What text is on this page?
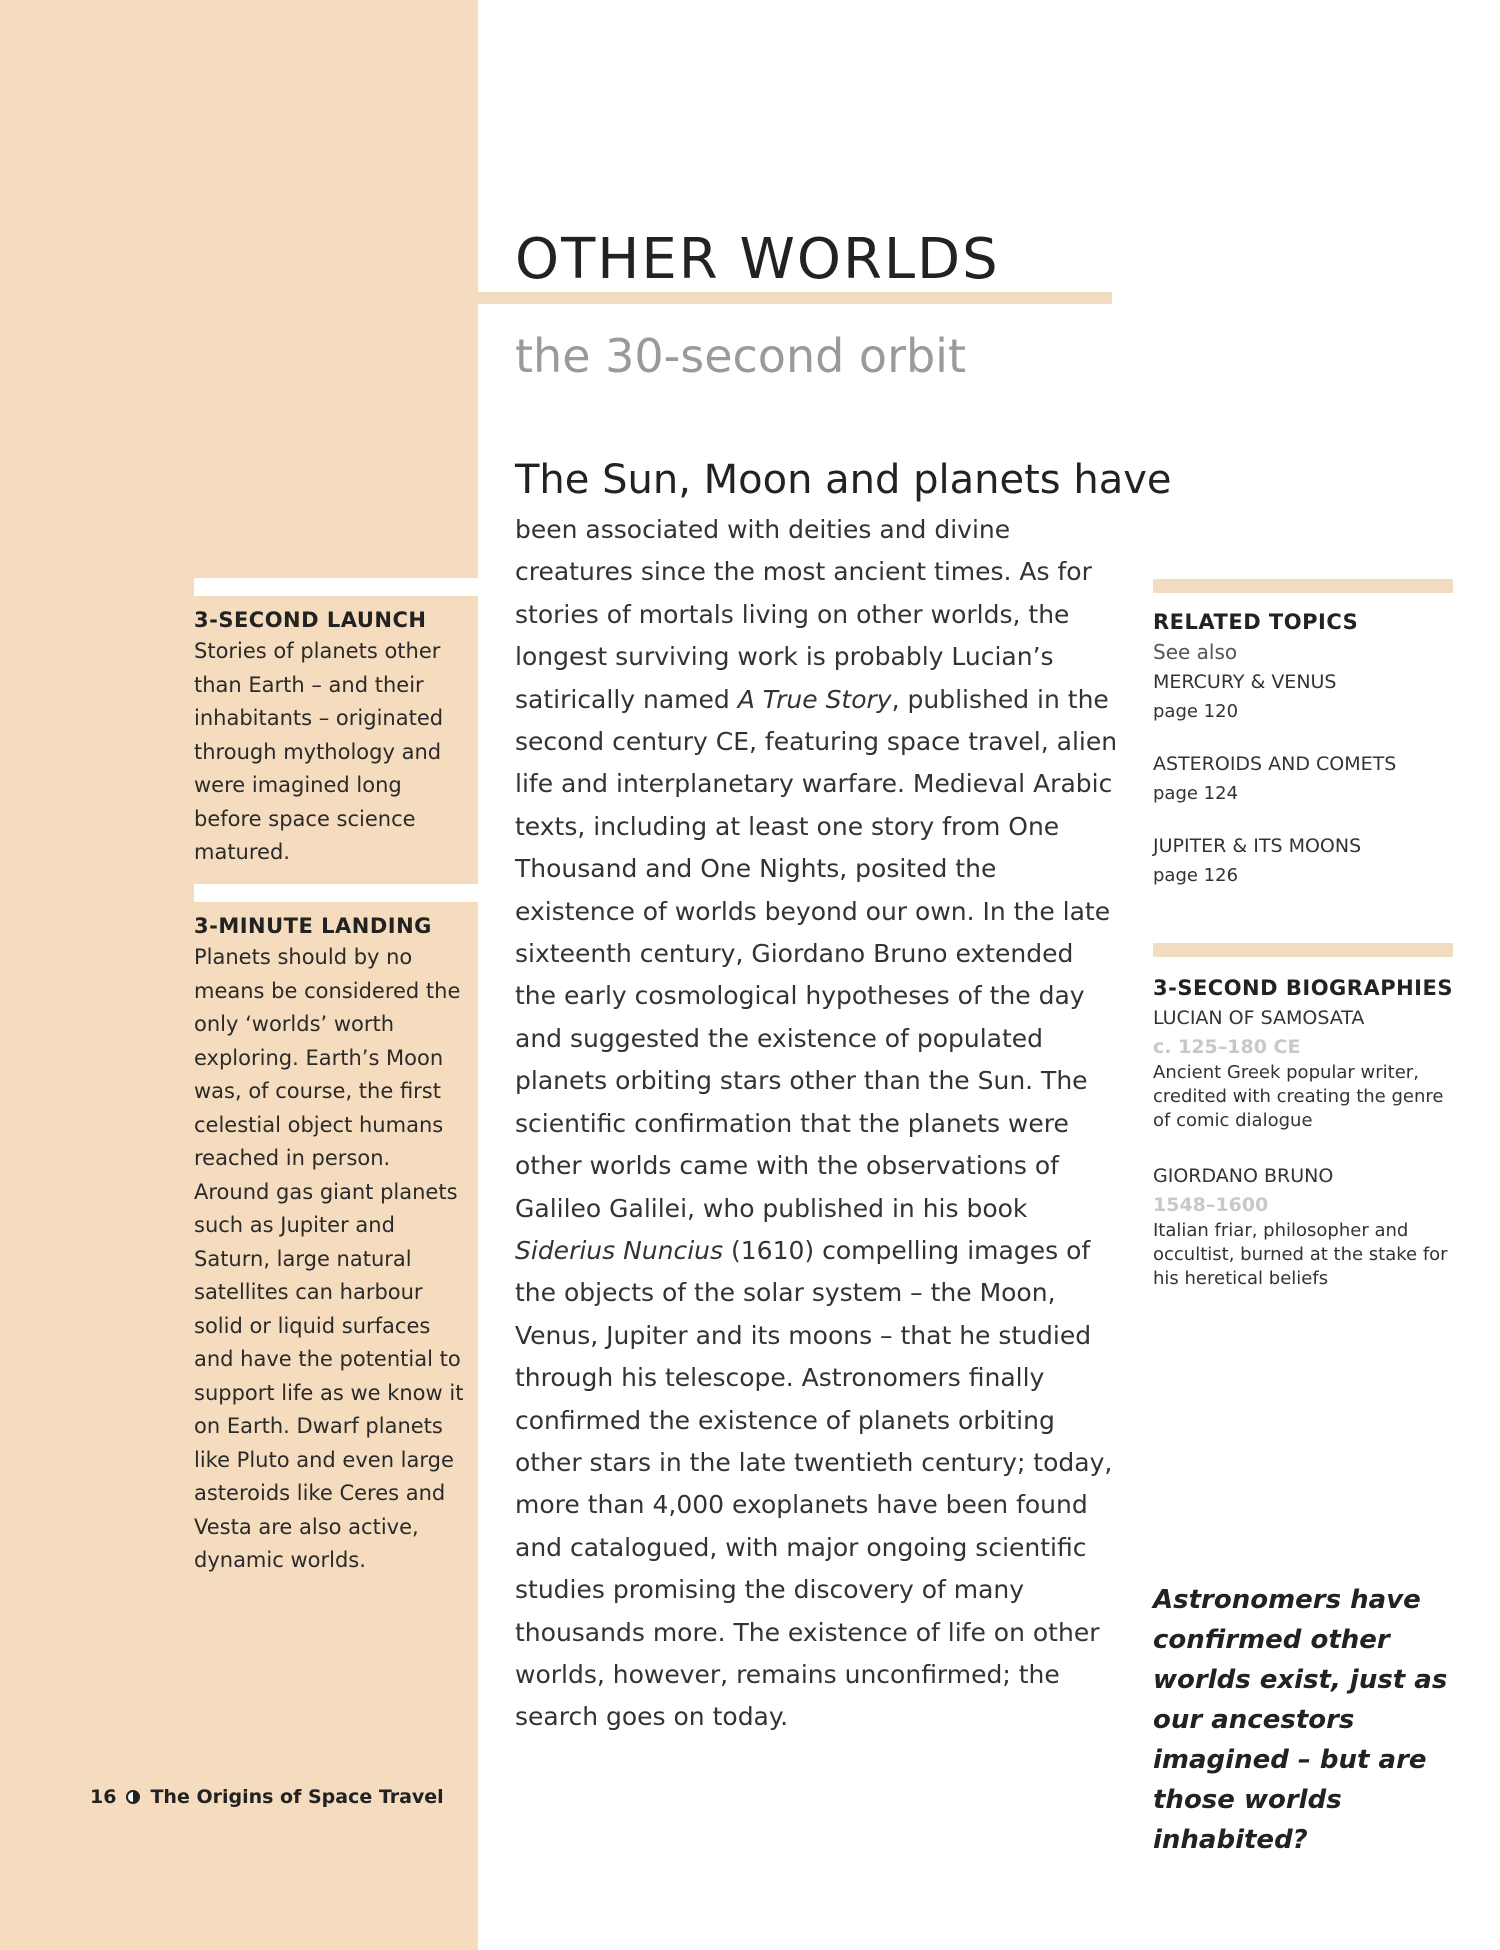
3-SECOND LAUNCH

Stories of planets other than Earth – and their inhabitants – originated through mythology and were imagined long before space science matured.

3-MINUTE LANDING

Planets should by no means be considered the only ‘worlds’ worth exploring. Earth’s Moon was, of course, the first celestial object humans reached in person. Around gas giant planets such as Jupiter and Saturn, large natural satellites can harbour solid or liquid surfaces and have the potential to support life as we know it on Earth. Dwarf planets like Pluto and even large asteroids like Ceres and Vesta are also active, dynamic worlds.

OTHER WORLDS
the 30-second orbit

The Sun, Moon and planets have

been associated with deities and divine creatures since the most ancient times. As for stories of mortals living on other worlds, the longest surviving work is probably Lucian’s satirically named A True Story, published in the second century CE, featuring space travel, alien life and interplanetary warfare. Medieval Arabic texts, including at least one story from One Thousand and One Nights, posited the existence of worlds beyond our own. In the late sixteenth century, Giordano Bruno extended the early cosmological hypotheses of the day and suggested the existence of populated planets orbiting stars other than the Sun. The scientific confirmation that the planets were other worlds came with the observations of Galileo Galilei, who published in his book Siderius Nuncius (1610) compelling images of the objects of the solar system – the Moon, Venus, Jupiter and its moons – that he studied through his telescope. Astronomers finally confirmed the existence of planets orbiting other stars in the late twentieth century; today, more than 4,000 exoplanets have been found and catalogued, with major ongoing scientific studies promising the discovery of many thousands more. The existence of life on other worlds, however, remains unconfirmed; the search goes on today.

RELATED TOPICS

See also

MERCURY & VENUS

page 120

ASTEROIDS AND COMETS

page 124

JUPITER & ITS MOONS

page 126

3-SECOND BIOGRAPHIES

LUCIAN OF SAMOSATA

c. 125–180 CE

Ancient Greek popular writer, credited with creating the genre of comic dialogue

GIORDANO BRUNO

1548–1600

Italian friar, philosopher and occultist, burned at the stake for his heretical beliefs

Astronomers have confirmed other worlds exist, just as our ancestors imagined – but are those worlds inhabited?

16 The Origins of Space Travel
